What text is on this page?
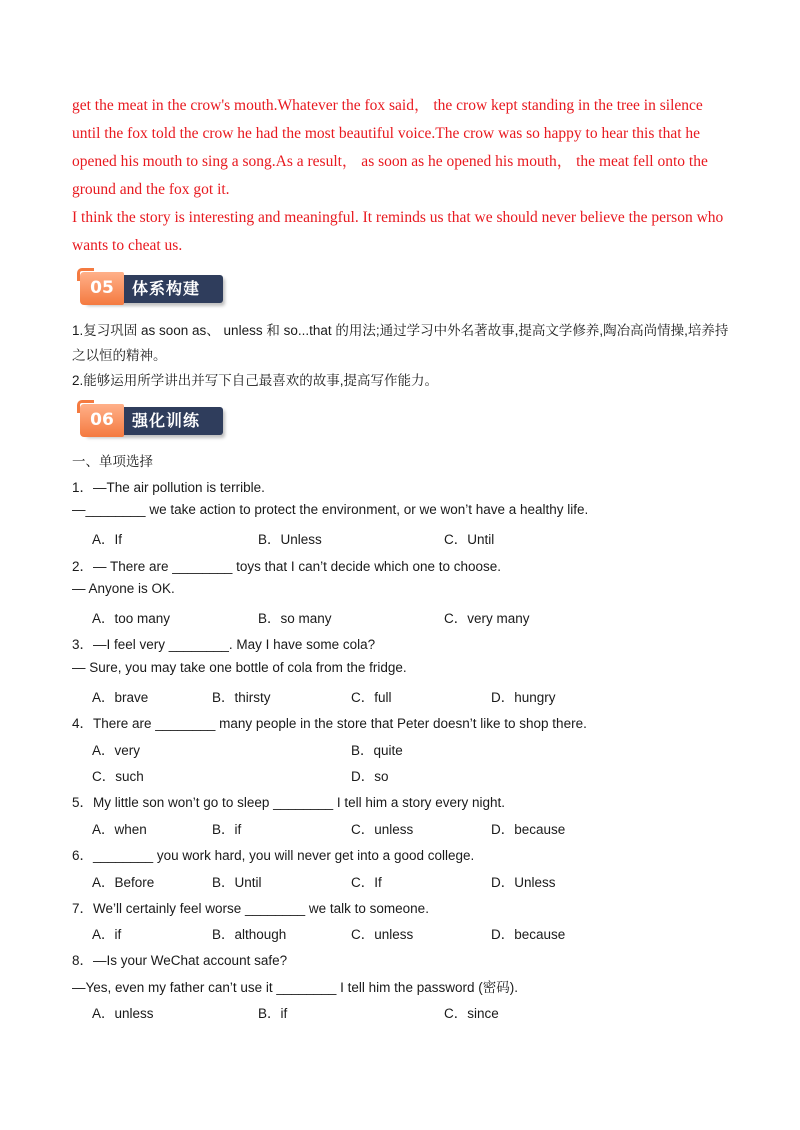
get the meat in the crow's mouth.Whatever the fox said， the crow kept standing in the tree in silence until the fox told the crow he had the most beautiful voice.The crow was so happy to hear this that he opened his mouth to sing a song.As a result， as soon as he opened his mouth， the meat fell onto the ground and the fox got it.

I think the story is interesting and meaningful. It reminds us that we should never believe the person who wants to cheat us.

05	体系构建

1.复习巩固 as soon as、 unless 和 so...that 的用法;通过学习中外名著故事,提高文学修养,陶冶高尚情操,培养持之以恒的精神。

2.能够运用所学讲出并写下自己最喜欢的故事,提高写作能力。

06	强化训练
一、单项选择
1．—The air pollution is terrible.
—________ we take action to protect the environment, or we won’t have a healthy life.
A．If	B．Unless	C．Until
2．— There are ________ toys that I can’t decide which one to choose.
— Anyone is OK.
A．too many	B．so many	C．very many
3．—I feel very ________. May I have some cola?
— Sure, you may take one bottle of cola from the fridge.
A．brave	B．thirsty	C．full	D．hungry
4．There are ________ many people in the store that Peter doesn’t like to shop there.
A．very	B．quite
C．such	D．so
5．My little son won’t go to sleep ________ I tell him a story every night.
A．when	B．if	C．unless	D．because
6．________ you work hard, you will never get into a good college.
A．Before	B．Until	C．If	D．Unless
7．We’ll certainly feel worse ________ we talk to someone.
A．if	B．although	C．unless	D．because
8．—Is your WeChat account safe?
—Yes, even my father can’t use it ________ I tell him the password (密码).
A．unless	B．if	C．since
